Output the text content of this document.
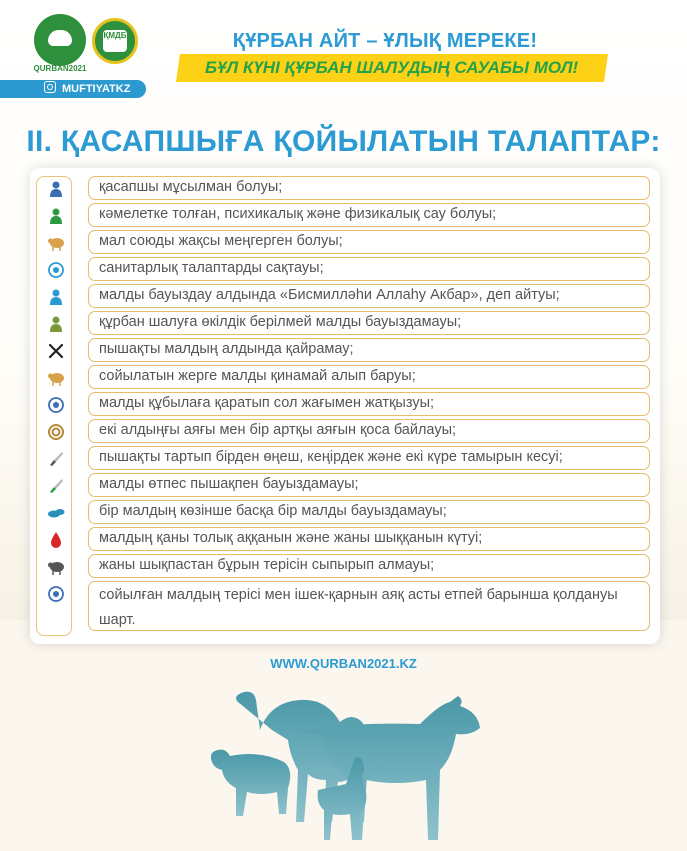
QURBAN2021
ҚМДБ
MUFTIYATKZ
ҚҰРБАН АЙТ – ҰЛЫҚ МЕРЕКЕ!
БҰЛ КҮНІ ҚҰРБАН ШАЛУДЫҢ САУАБЫ МОЛ!
II. ҚАСАПШЫҒА ҚОЙЫЛАТЫН ТАЛАПТАР:
қасапшы мұсылман болуы;
кәмелетке толған, психикалық және физикалық сау болуы;
мал союды жақсы меңгерген болуы;
санитарлық талаптарды сақтауы;
малды бауыздау алдында «Бисмилләһи Аллаһу Акбар», деп айтуы;
құрбан шалуға өкілдік берілмей малды бауыздамауы;
пышақты малдың алдында қайрамау;
сойылатын жерге малды қинамай алып баруы;
малды құбылаға қаратып сол жағымен жатқызуы;
екі алдыңғы аяғы мен бір артқы аяғын қоса байлауы;
пышақты тартып бірден өңеш, кеңірдек және екі күре тамырын кесуі;
малды өтпес пышақпен бауыздамауы;
бір малдың көзінше басқа бір малды бауыздамауы;
малдың қаны толық аққанын және жаны шыққанын күтуі;
жаны шықпастан бұрын терісін сыпырып алмауы;
сойылған малдың терісі мен ішек-қарнын аяқ асты етпей барынша қолдануы шарт.
WWW.QURBAN2021.KZ
